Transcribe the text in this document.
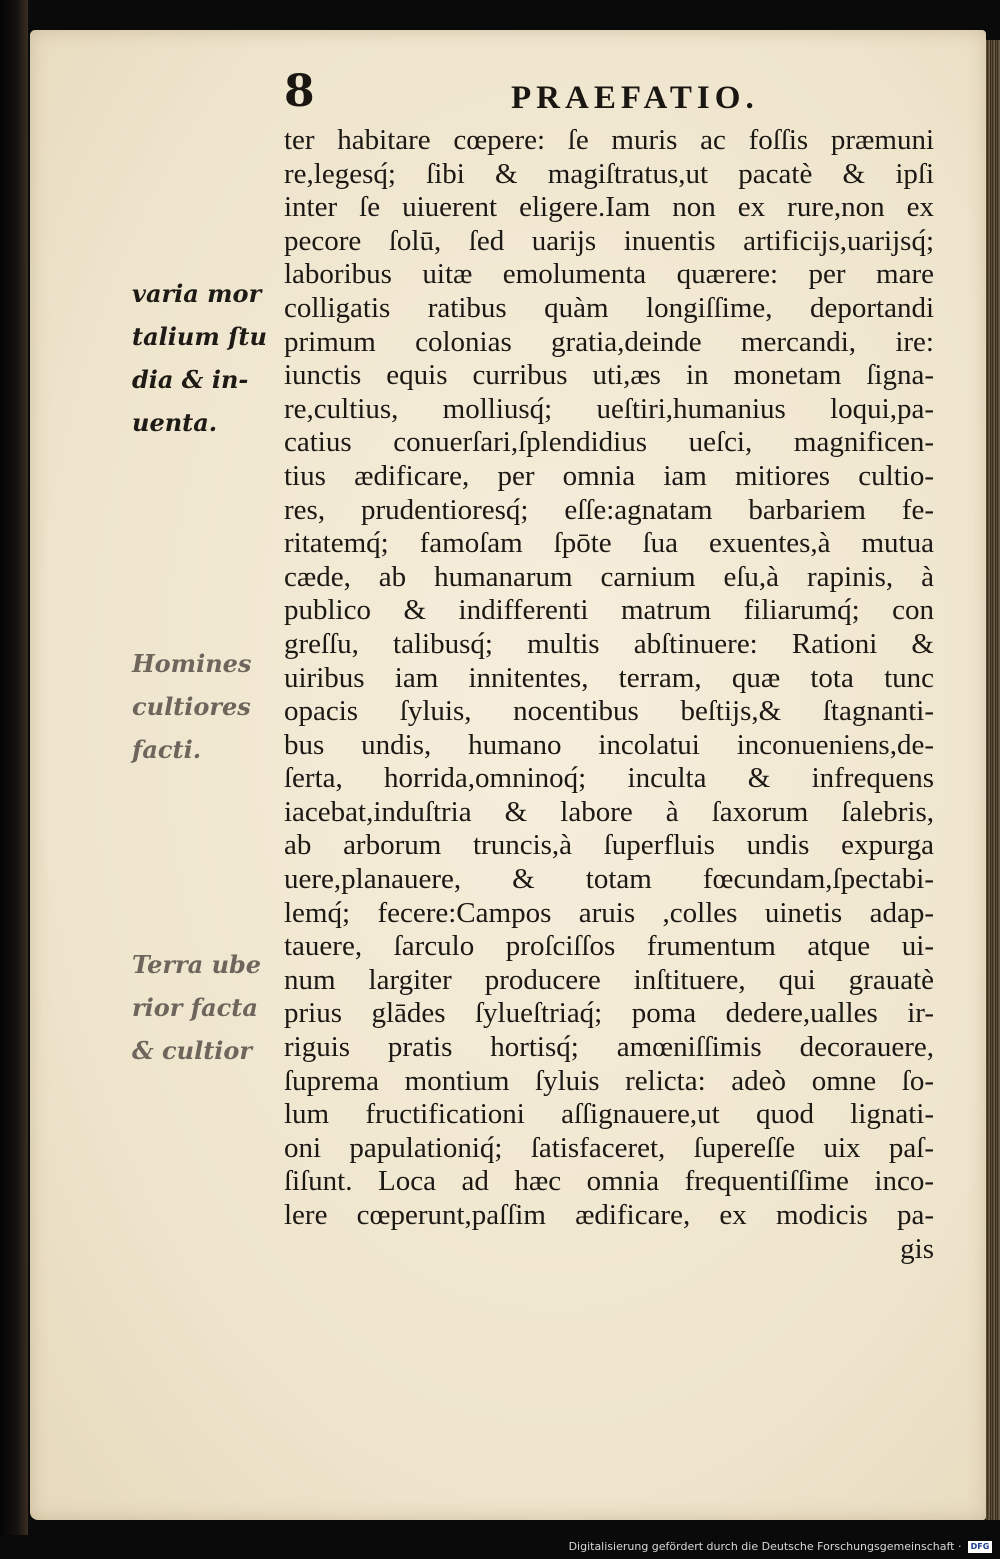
8	PRAEFATIO.
ter habitare cœpere: ſe muris ac foſſis præmuni
re,legesq́; ſibi & magiſtratus,ut pacatè & ipſi
inter ſe uiuerent eligere.Iam non ex rure,non ex
pecore ſolū, ſed uarijs inuentis artificijs,uarijsq́;
laboribus uitæ emolumenta quærere: per mare
colligatis ratibus quàm longiſſime, deportandi
primum colonias gratia,deinde mercandi, ire:
iunctis equis curribus uti,æs in monetam ſigna-
re,cultius, molliusq́; ueſtiri,humanius loqui,pa-
catius conuerſari,ſplendidius ueſci, magnificen-
tius ædificare, per omnia iam mitiores cultio-
res, prudentioresq́; eſſe:agnatam barbariem fe-
ritatemq́; famoſam ſpōte ſua exuentes,à mutua
cæde, ab humanarum carnium eſu,à rapinis, à
publico & indifferenti matrum filiarumq́; con
greſſu, talibusq́; multis abſtinuere: Rationi &
uiribus iam innitentes, terram, quæ tota tunc
opacis ſyluis, nocentibus beſtijs,& ſtagnanti-
bus undis, humano incolatui inconueniens,de-
ſerta, horrida,omninoq́; inculta & infrequens
iacebat,induſtria & labore à ſaxorum ſalebris,
ab arborum truncis,à ſuperfluis undis expurga
uere,planauere, & totam fœcundam,ſpectabi-
lemq́; fecere:Campos aruis ,colles uinetis adap-
tauere, ſarculo proſciſſos frumentum atque ui-
num largiter producere inſtituere, qui grauatè
prius glādes ſylueſtriaq́; poma dedere,ualles ir-
riguis pratis hortisq́; amœniſſimis decorauere,
ſuprema montium ſyluis relicta: adeò omne ſo-
lum fructificationi aſſignauere,ut quod lignati-
oni papulationiq́; ſatisfaceret, ſupereſſe uix paſ-
ſiſunt. Loca ad hæc omnia frequentiſſime inco-
lere cœperunt,paſſim ædificare, ex modicis pa-
gis
varia mor
talium ſtu
dia & in-
uenta.
Homines
cultiores
facti.
Terra ube
rior facta
& cultior
Digitalisierung gefördert durch die Deutsche Forschungsgemeinschaft · DFG
